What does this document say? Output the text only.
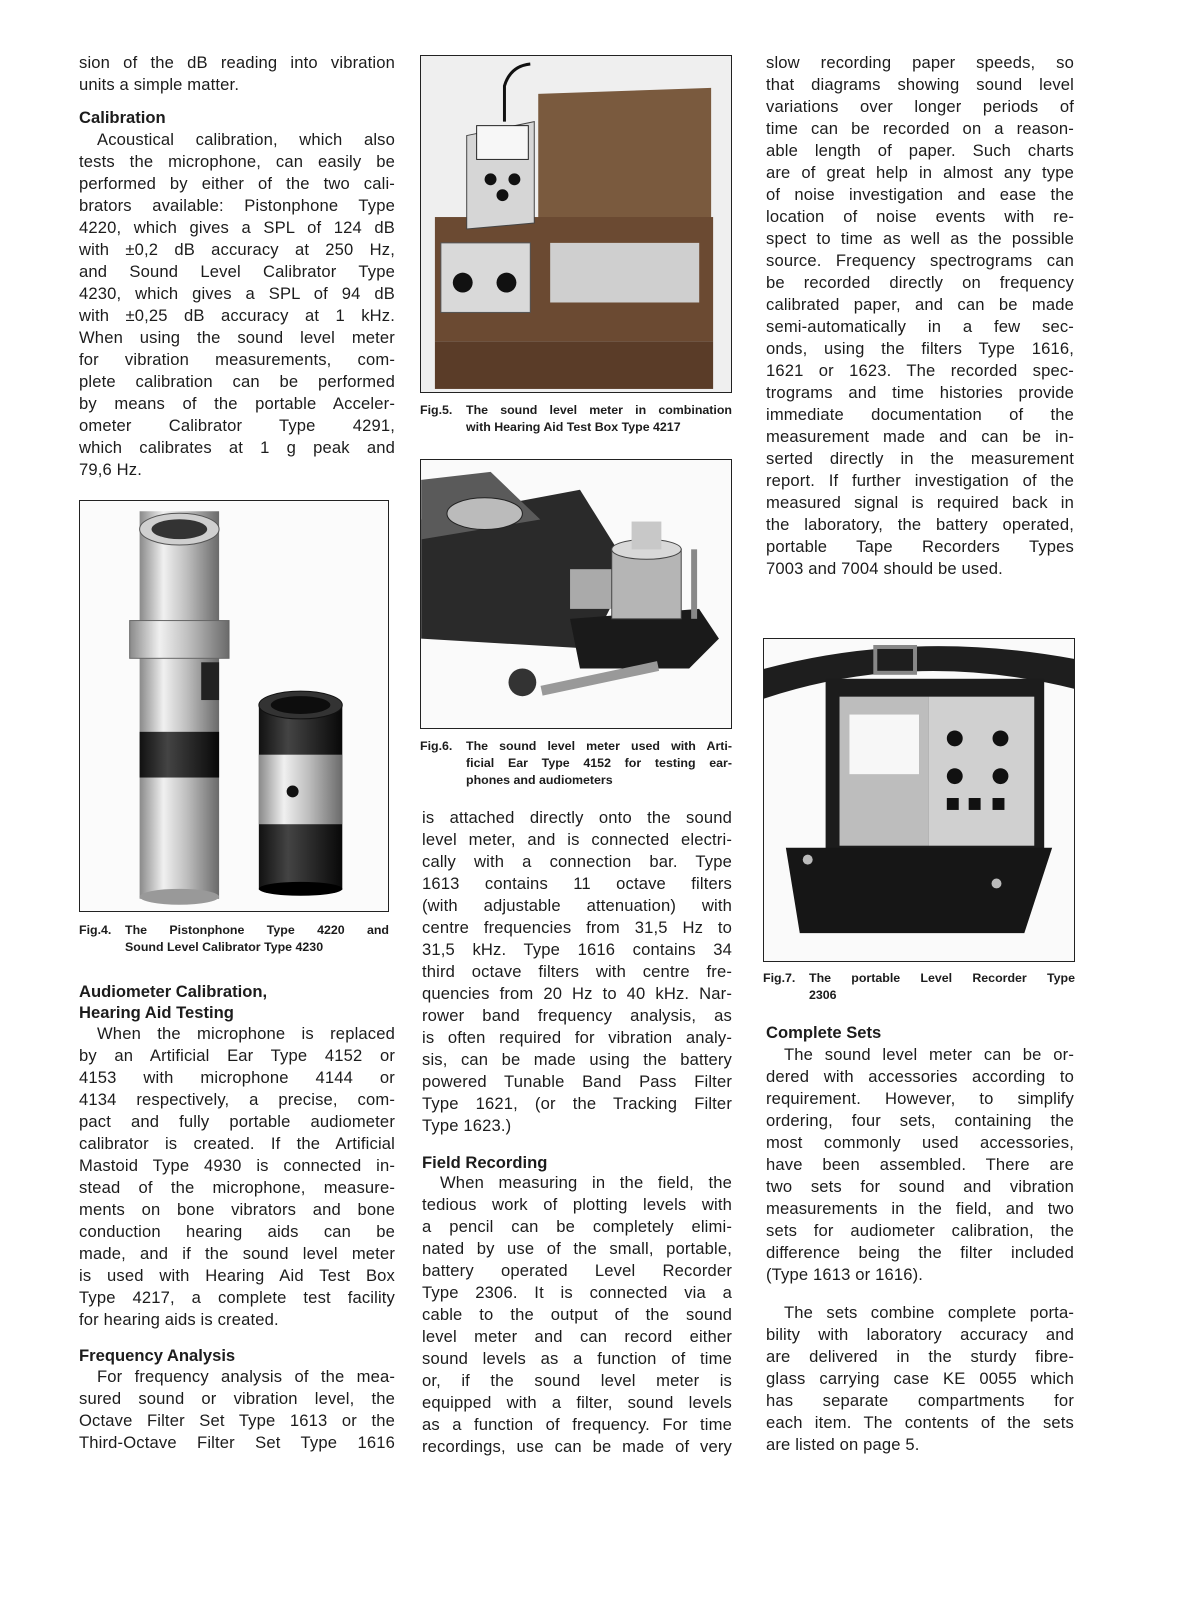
sion of the dB reading into vibration

units a simple matter.

Calibration

Acoustical calibration, which also

tests the microphone, can easily be

performed by either of the two cali-

brators available: Pistonphone Type

4220, which gives a SPL of 124 dB

with ±0,2 dB accuracy at 250 Hz,

and Sound Level Calibrator Type

4230, which gives a SPL of 94 dB

with ±0,25 dB accuracy at 1 kHz.

When using the sound level meter

for vibration measurements, com-

plete calibration can be performed

by means of the portable Acceler-

ometer Calibrator Type 4291,

which calibrates at 1 g peak and

79,6 Hz.

Fig.4.	The Pistonphone Type 4220 and
Sound Level Calibrator Type 4230
Audiometer Calibration,
Hearing Aid Testing

When the microphone is replaced

by an Artificial Ear Type 4152 or

4153 with microphone 4144 or

4134 respectively, a precise, com-

pact and fully portable audiometer

calibrator is created. If the Artificial

Mastoid Type 4930 is connected in-

stead of the microphone, measure-

ments on bone vibrators and bone

conduction hearing aids can be

made, and if the sound level meter

is used with Hearing Aid Test Box

Type 4217, a complete test facility

for hearing aids is created.

Frequency Analysis

For frequency analysis of the mea-

sured sound or vibration level, the

Octave Filter Set Type 1613 or the

Third-Octave Filter Set Type 1616

Fig.5.	The sound level meter in combination
with Hearing Aid Test Box Type 4217
Fig.6.	The sound level meter used with Arti-
ficial Ear Type 4152 for testing ear-
phones and audiometers

is attached directly onto the sound

level meter, and is connected electri-

cally with a connection bar. Type

1613 contains 11 octave filters

(with adjustable attenuation) with

centre frequencies from 31,5 Hz to

31,5 kHz. Type 1616 contains 34

third octave filters with centre fre-

quencies from 20 Hz to 40 kHz. Nar-

rower band frequency analysis, as

is often required for vibration analy-

sis, can be made using the battery

powered Tunable Band Pass Filter

Type 1621, (or the Tracking Filter

Type 1623.)

Field Recording

When measuring in the field, the

tedious work of plotting levels with

a pencil can be completely elimi-

nated by use of the small, portable,

battery operated Level Recorder

Type 2306. It is connected via a

cable to the output of the sound

level meter and can record either

sound levels as a function of time

or, if the sound level meter is

equipped with a filter, sound levels

as a function of frequency. For time

recordings, use can be made of very

slow recording paper speeds, so

that diagrams showing sound level

variations over longer periods of

time can be recorded on a reason-

able length of paper. Such charts

are of great help in almost any type

of noise investigation and ease the

location of noise events with re-

spect to time as well as the possible

source. Frequency spectrograms can

be recorded directly on frequency

calibrated paper, and can be made

semi-automatically in a few sec-

onds, using the filters Type 1616,

1621 or 1623. The recorded spec-

trograms and time histories provide

immediate documentation of the

measurement made and can be in-

serted directly in the measurement

report. If further investigation of the

measured signal is required back in

the laboratory, the battery operated,

portable Tape Recorders Types

7003 and 7004 should be used.

Fig.7.	The portable Level Recorder Type
2306
Complete Sets

The sound level meter can be or-

dered with accessories according to

requirement. However, to simplify

ordering, four sets, containing the

most commonly used accessories,

have been assembled. There are

two sets for sound and vibration

measurements in the field, and two

sets for audiometer calibration, the

difference being the filter included

(Type 1613 or 1616).

The sets combine complete porta-

bility with laboratory accuracy and

are delivered in the sturdy fibre-

glass carrying case KE 0055 which

has separate compartments for

each item. The contents of the sets

are listed on page 5.
